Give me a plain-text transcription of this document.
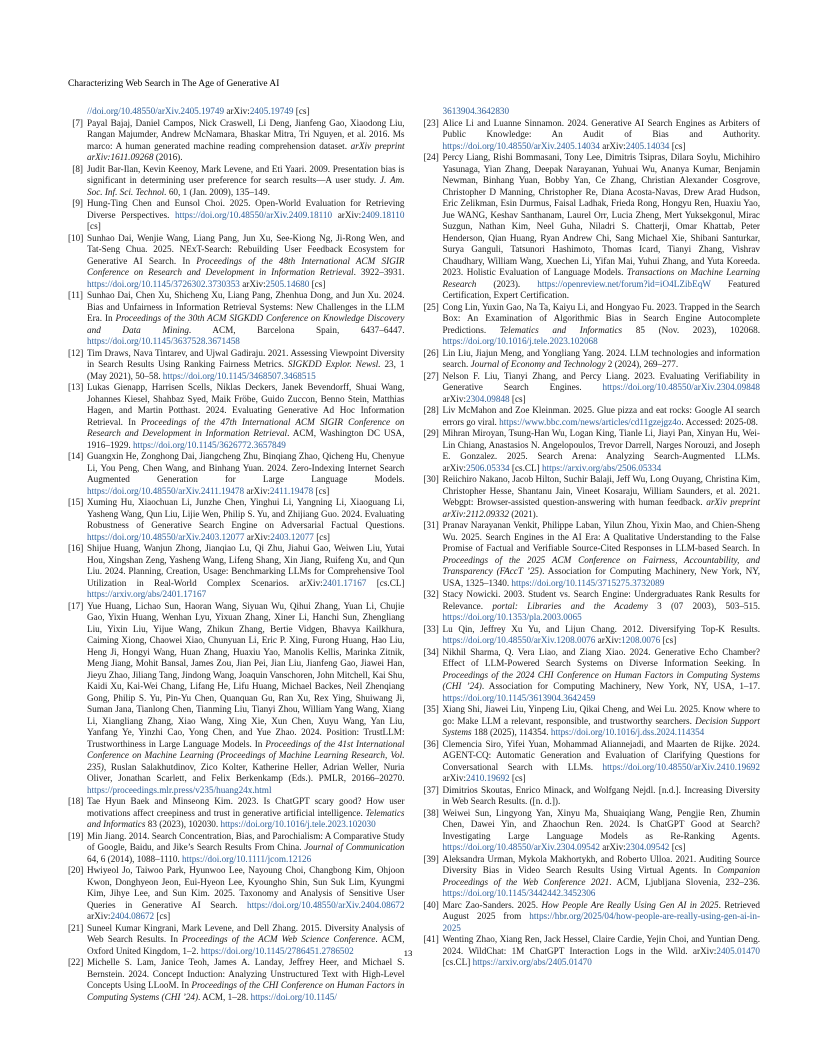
Characterizing Web Search in The Age of Generative AI
//doi.org/10.48550/arXiv.2405.19749 arXiv:2405.19749 [cs]
[7] Payal Bajaj, Daniel Campos, Nick Craswell, Li Deng, Jianfeng Gao, Xiaodong Liu, Rangan Majumder, Andrew McNamara, Bhaskar Mitra, Tri Nguyen, et al. 2016. Ms marco: A human generated machine reading comprehension dataset. arXiv preprint arXiv:1611.09268 (2016).
[8] Judit Bar-Ilan, Kevin Keenoy, Mark Levene, and Eti Yaari. 2009. Presentation bias is significant in determining user preference for search results—A user study. J. Am. Soc. Inf. Sci. Technol. 60, 1 (Jan. 2009), 135–149.
[9] Hung-Ting Chen and Eunsol Choi. 2025. Open-World Evaluation for Retrieving Diverse Perspectives. https://doi.org/10.48550/arXiv.2409.18110 arXiv:2409.18110 [cs]
[10] Sunhao Dai, Wenjie Wang, Liang Pang, Jun Xu, See-Kiong Ng, Ji-Rong Wen, and Tat-Seng Chua. 2025. NExT-Search: Rebuilding User Feedback Ecosystem for Generative AI Search. In Proceedings of the 48th International ACM SIGIR Conference on Research and Development in Information Retrieval. 3922–3931. https://doi.org/10.1145/3726302.3730353 arXiv:2505.14680 [cs]
[11] Sunhao Dai, Chen Xu, Shicheng Xu, Liang Pang, Zhenhua Dong, and Jun Xu. 2024. Bias and Unfairness in Information Retrieval Systems: New Challenges in the LLM Era. In Proceedings of the 30th ACM SIGKDD Conference on Knowledge Discovery and Data Mining. ACM, Barcelona Spain, 6437–6447. https://doi.org/10.1145/3637528.3671458
[12] Tim Draws, Nava Tintarev, and Ujwal Gadiraju. 2021. Assessing Viewpoint Diversity in Search Results Using Ranking Fairness Metrics. SIGKDD Explor. Newsl. 23, 1 (May 2021), 50–58. https://doi.org/10.1145/3468507.3468515
[13] Lukas Gienapp, Harrisen Scells, Niklas Deckers, Janek Bevendorff, Shuai Wang, Johannes Kiesel, Shahbaz Syed, Maik Fröbe, Guido Zuccon, Benno Stein, Matthias Hagen, and Martin Potthast. 2024. Evaluating Generative Ad Hoc Information Retrieval. In Proceedings of the 47th International ACM SIGIR Conference on Research and Development in Information Retrieval. ACM, Washington DC USA, 1916–1929. https://doi.org/10.1145/3626772.3657849
[14] Guangxin He, Zonghong Dai, Jiangcheng Zhu, Binqiang Zhao, Qicheng Hu, Chenyue Li, You Peng, Chen Wang, and Binhang Yuan. 2024. Zero-Indexing Internet Search Augmented Generation for Large Language Models. https://doi.org/10.48550/arXiv.2411.19478 arXiv:2411.19478 [cs]
[15] Xuming Hu, Xiaochuan Li, Junzhe Chen, Yinghui Li, Yangning Li, Xiaoguang Li, Yasheng Wang, Qun Liu, Lijie Wen, Philip S. Yu, and Zhijiang Guo. 2024. Evaluating Robustness of Generative Search Engine on Adversarial Factual Questions. https://doi.org/10.48550/arXiv.2403.12077 arXiv:2403.12077 [cs]
[16] Shijue Huang, Wanjun Zhong, Jianqiao Lu, Qi Zhu, Jiahui Gao, Weiwen Liu, Yutai Hou, Xingshan Zeng, Yasheng Wang, Lifeng Shang, Xin Jiang, Ruifeng Xu, and Qun Liu. 2024. Planning, Creation, Usage: Benchmarking LLMs for Comprehensive Tool Utilization in Real-World Complex Scenarios. arXiv:2401.17167 [cs.CL] https://arxiv.org/abs/2401.17167
[17] Yue Huang, Lichao Sun, Haoran Wang, Siyuan Wu, Qihui Zhang, Yuan Li, Chujie Gao, Yixin Huang, Wenhan Lyu, Yixuan Zhang, Xiner Li, Hanchi Sun, Zhengliang Liu, Yixin Liu, Yijue Wang, Zhikun Zhang, Bertie Vidgen, Bhavya Kailkhura, Caiming Xiong, Chaowei Xiao, Chunyuan Li, Eric P. Xing, Furong Huang, Hao Liu, Heng Ji, Hongyi Wang, Huan Zhang, Huaxiu Yao, Manolis Kellis, Marinka Zitnik, Meng Jiang, Mohit Bansal, James Zou, Jian Pei, Jian Liu, Jianfeng Gao, Jiawei Han, Jieyu Zhao, Jiliang Tang, Jindong Wang, Joaquin Vanschoren, John Mitchell, Kai Shu, Kaidi Xu, Kai-Wei Chang, Lifang He, Lifu Huang, Michael Backes, Neil Zhenqiang Gong, Philip S. Yu, Pin-Yu Chen, Quanquan Gu, Ran Xu, Rex Ying, Shuiwang Ji, Suman Jana, Tianlong Chen, Tianming Liu, Tianyi Zhou, William Yang Wang, Xiang Li, Xiangliang Zhang, Xiao Wang, Xing Xie, Xun Chen, Xuyu Wang, Yan Liu, Yanfang Ye, Yinzhi Cao, Yong Chen, and Yue Zhao. 2024. Position: TrustLLM: Trustworthiness in Large Language Models. In Proceedings of the 41st International Conference on Machine Learning (Proceedings of Machine Learning Research, Vol. 235), Ruslan Salakhutdinov, Zico Kolter, Katherine Heller, Adrian Weller, Nuria Oliver, Jonathan Scarlett, and Felix Berkenkamp (Eds.). PMLR, 20166–20270. https://proceedings.mlr.press/v235/huang24x.html
[18] Tae Hyun Baek and Minseong Kim. 2023. Is ChatGPT scary good? How user motivations affect creepiness and trust in generative artificial intelligence. Telematics and Informatics 83 (2023), 102030. https://doi.org/10.1016/j.tele.2023.102030
[19] Min Jiang. 2014. Search Concentration, Bias, and Parochialism: A Comparative Study of Google, Baidu, and Jike’s Search Results From China. Journal of Communication 64, 6 (2014), 1088–1110. https://doi.org/10.1111/jcom.12126
[20] Hwiyeol Jo, Taiwoo Park, Hyunwoo Lee, Nayoung Choi, Changbong Kim, Ohjoon Kwon, Donghyeon Jeon, Eui-Hyeon Lee, Kyoungho Shin, Sun Suk Lim, Kyungmi Kim, Jihye Lee, and Sun Kim. 2025. Taxonomy and Analysis of Sensitive User Queries in Generative AI Search. https://doi.org/10.48550/arXiv.2404.08672 arXiv:2404.08672 [cs]
[21] Suneel Kumar Kingrani, Mark Levene, and Dell Zhang. 2015. Diversity Analysis of Web Search Results. In Proceedings of the ACM Web Science Conference. ACM, Oxford United Kingdom, 1–2. https://doi.org/10.1145/2786451.2786502
[22] Michelle S. Lam, Janice Teoh, James A. Landay, Jeffrey Heer, and Michael S. Bernstein. 2024. Concept Induction: Analyzing Unstructured Text with High-Level Concepts Using LLooM. In Proceedings of the CHI Conference on Human Factors in Computing Systems (CHI ’24). ACM, 1–28. https://doi.org/10.1145/
3613904.3642830
[23] Alice Li and Luanne Sinnamon. 2024. Generative AI Search Engines as Arbiters of Public Knowledge: An Audit of Bias and Authority. https://doi.org/10.48550/arXiv.2405.14034 arXiv:2405.14034 [cs]
[24] Percy Liang, Rishi Bommasani, Tony Lee, Dimitris Tsipras, Dilara Soylu, Michihiro Yasunaga, Yian Zhang, Deepak Narayanan, Yuhuai Wu, Ananya Kumar, Benjamin Newman, Binhang Yuan, Bobby Yan, Ce Zhang, Christian Alexander Cosgrove, Christopher D Manning, Christopher Re, Diana Acosta-Navas, Drew Arad Hudson, Eric Zelikman, Esin Durmus, Faisal Ladhak, Frieda Rong, Hongyu Ren, Huaxiu Yao, Jue WANG, Keshav Santhanam, Laurel Orr, Lucia Zheng, Mert Yuksekgonul, Mirac Suzgun, Nathan Kim, Neel Guha, Niladri S. Chatterji, Omar Khattab, Peter Henderson, Qian Huang, Ryan Andrew Chi, Sang Michael Xie, Shibani Santurkar, Surya Ganguli, Tatsunori Hashimoto, Thomas Icard, Tianyi Zhang, Vishrav Chaudhary, William Wang, Xuechen Li, Yifan Mai, Yuhui Zhang, and Yuta Koreeda. 2023. Holistic Evaluation of Language Models. Transactions on Machine Learning Research (2023). https://openreview.net/forum?id=iO4LZibEqW Featured Certification, Expert Certification.
[25] Cong Lin, Yuxin Gao, Na Ta, Kaiyu Li, and Hongyao Fu. 2023. Trapped in the Search Box: An Examination of Algorithmic Bias in Search Engine Autocomplete Predictions. Telematics and Informatics 85 (Nov. 2023), 102068. https://doi.org/10.1016/j.tele.2023.102068
[26] Lin Liu, Jiajun Meng, and Yongliang Yang. 2024. LLM technologies and information search. Journal of Economy and Technology 2 (2024), 269–277.
[27] Nelson F. Liu, Tianyi Zhang, and Percy Liang. 2023. Evaluating Verifiability in Generative Search Engines. https://doi.org/10.48550/arXiv.2304.09848 arXiv:2304.09848 [cs]
[28] Liv McMahon and Zoe Kleinman. 2025. Glue pizza and eat rocks: Google AI search errors go viral. https://www.bbc.com/news/articles/cd11gzejgz4o. Accessed: 2025-08.
[29] Mihran Miroyan, Tsung-Han Wu, Logan King, Tianle Li, Jiayi Pan, Xinyan Hu, Wei-Lin Chiang, Anastasios N. Angelopoulos, Trevor Darrell, Narges Norouzi, and Joseph E. Gonzalez. 2025. Search Arena: Analyzing Search-Augmented LLMs. arXiv:2506.05334 [cs.CL] https://arxiv.org/abs/2506.05334
[30] Reiichiro Nakano, Jacob Hilton, Suchir Balaji, Jeff Wu, Long Ouyang, Christina Kim, Christopher Hesse, Shantanu Jain, Vineet Kosaraju, William Saunders, et al. 2021. Webgpt: Browser-assisted question-answering with human feedback. arXiv preprint arXiv:2112.09332 (2021).
[31] Pranav Narayanan Venkit, Philippe Laban, Yilun Zhou, Yixin Mao, and Chien-Sheng Wu. 2025. Search Engines in the AI Era: A Qualitative Understanding to the False Promise of Factual and Verifiable Source-Cited Responses in LLM-based Search. In Proceedings of the 2025 ACM Conference on Fairness, Accountability, and Transparency (FAccT ’25). Association for Computing Machinery, New York, NY, USA, 1325–1340. https://doi.org/10.1145/3715275.3732089
[32] Stacy Nowicki. 2003. Student vs. Search Engine: Undergraduates Rank Results for Relevance. portal: Libraries and the Academy 3 (07 2003), 503–515. https://doi.org/10.1353/pla.2003.0065
[33] Lu Qin, Jeffrey Xu Yu, and Lijun Chang. 2012. Diversifying Top-K Results. https://doi.org/10.48550/arXiv.1208.0076 arXiv:1208.0076 [cs]
[34] Nikhil Sharma, Q. Vera Liao, and Ziang Xiao. 2024. Generative Echo Chamber? Effect of LLM-Powered Search Systems on Diverse Information Seeking. In Proceedings of the 2024 CHI Conference on Human Factors in Computing Systems (CHI ’24). Association for Computing Machinery, New York, NY, USA, 1–17. https://doi.org/10.1145/3613904.3642459
[35] Xiang Shi, Jiawei Liu, Yinpeng Liu, Qikai Cheng, and Wei Lu. 2025. Know where to go: Make LLM a relevant, responsible, and trustworthy searchers. Decision Support Systems 188 (2025), 114354. https://doi.org/10.1016/j.dss.2024.114354
[36] Clemencia Siro, Yifei Yuan, Mohammad Aliannejadi, and Maarten de Rijke. 2024. AGENT-CQ: Automatic Generation and Evaluation of Clarifying Questions for Conversational Search with LLMs. https://doi.org/10.48550/arXiv.2410.19692 arXiv:2410.19692 [cs]
[37] Dimitrios Skoutas, Enrico Minack, and Wolfgang Nejdl. [n.d.]. Increasing Diversity in Web Search Results. ([n. d.]).
[38] Weiwei Sun, Lingyong Yan, Xinyu Ma, Shuaiqiang Wang, Pengjie Ren, Zhumin Chen, Dawei Yin, and Zhaochun Ren. 2024. Is ChatGPT Good at Search? Investigating Large Language Models as Re-Ranking Agents. https://doi.org/10.48550/arXiv.2304.09542 arXiv:2304.09542 [cs]
[39] Aleksandra Urman, Mykola Makhortykh, and Roberto Ulloa. 2021. Auditing Source Diversity Bias in Video Search Results Using Virtual Agents. In Companion Proceedings of the Web Conference 2021. ACM, Ljubljana Slovenia, 232–236. https://doi.org/10.1145/3442442.3452306
[40] Marc Zao-Sanders. 2025. How People Are Really Using Gen AI in 2025. Retrieved August 2025 from https://hbr.org/2025/04/how-people-are-really-using-gen-ai-in-2025
[41] Wenting Zhao, Xiang Ren, Jack Hessel, Claire Cardie, Yejin Choi, and Yuntian Deng. 2024. WildChat: 1M ChatGPT Interaction Logs in the Wild. arXiv:2405.01470 [cs.CL] https://arxiv.org/abs/2405.01470
13
